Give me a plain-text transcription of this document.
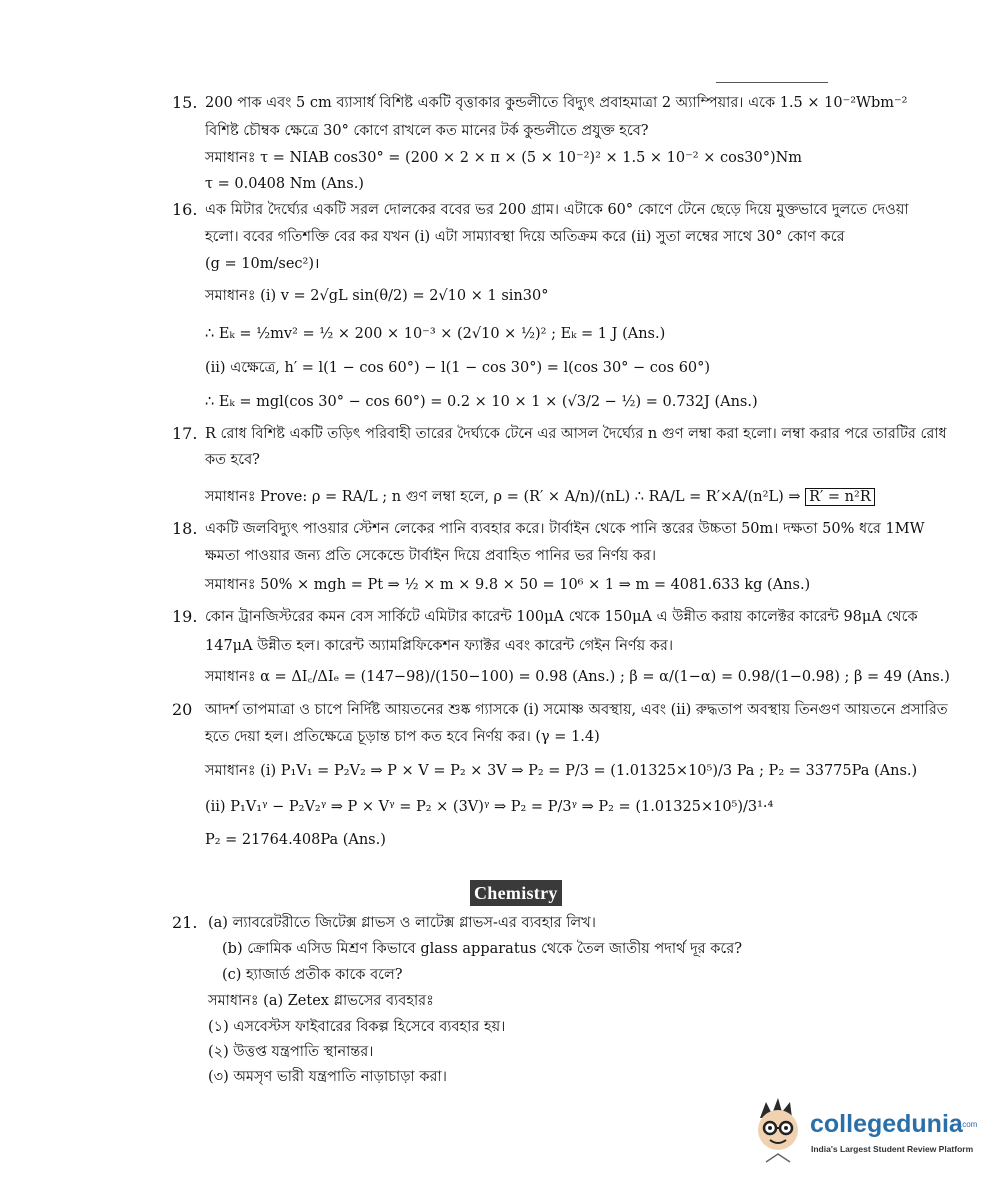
15. 200 পাক এবং 5 cm ব্যাসার্ধ বিশিষ্ট একটি বৃত্তাকার কুন্ডলীতে বিদ্যুৎ প্রবাহমাত্রা 2 অ্যাম্পিয়ার। একে 1.5 × 10⁻²Wbm⁻²
বিশিষ্ট চৌম্বক ক্ষেত্রে 30° কোণে রাখলে কত মানের টর্ক কুন্ডলীতে প্রযুক্ত হবে?
সমাধানঃ τ = NIAB cos30° = (200 × 2 × π × (5 × 10⁻²)² × 1.5 × 10⁻² × cos30°)Nm
τ = 0.0408 Nm (Ans.)
16. এক মিটার দৈর্ঘ্যের একটি সরল দোলকের ববের ভর 200 গ্রাম। এটাকে 60° কোণে টেনে ছেড়ে দিয়ে মুক্তভাবে দুলতে দেওয়া
হলো। ববের গতিশক্তি বের কর যখন (i) এটা সাম্যাবস্থা দিয়ে অতিক্রম করে (ii) সুতা লম্বের সাথে 30° কোণ করে
(g = 10m/sec²)।
সমাধানঃ (i) v = 2√gL sin(θ/2) = 2√10 × 1 sin30°
∴ Eₖ = ½mv² = ½ × 200 × 10⁻³ × (2√10 × ½)² ; Eₖ = 1 J (Ans.)
(ii) এক্ষেত্রে, h′ = l(1 − cos 60°) − l(1 − cos 30°) = l(cos 30° − cos 60°)
∴ Eₖ = mgl(cos 30° − cos 60°) = 0.2 × 10 × 1 × (√3/2 − ½) = 0.732J (Ans.)
17. R রোধ বিশিষ্ট একটি তড়িৎ পরিবাহী তারের দৈর্ঘ্যকে টেনে এর আসল দৈর্ঘ্যের n গুণ লম্বা করা হলো। লম্বা করার পরে তারটির রোধ
কত হবে?
সমাধানঃ Prove: ρ = RA/L ; n গুণ লম্বা হলে, ρ = (R′ × A/n)/(nL) ∴ RA/L = R′×A/(n²L) ⇒ R′ = n²R
18. একটি জলবিদ্যুৎ পাওয়ার স্টেশন লেকের পানি ব্যবহার করে। টার্বাইন থেকে পানি স্তরের উচ্চতা 50m। দক্ষতা 50% ধরে 1MW
ক্ষমতা পাওয়ার জন্য প্রতি সেকেন্ডে টার্বাইন দিয়ে প্রবাহিত পানির ভর নির্ণয় কর।
সমাধানঃ 50% × mgh = Pt ⇒ ½ × m × 9.8 × 50 = 10⁶ × 1 ⇒ m = 4081.633 kg (Ans.)
19. কোন ট্রানজিস্টরের কমন বেস সার্কিটে এমিটার কারেন্ট 100μA থেকে 150μA এ উন্নীত করায় কালেক্টর কারেন্ট 98μA থেকে
147μA উন্নীত হল। কারেন্ট অ্যামপ্লিফিকেশন ফ্যাক্টর এবং কারেন্ট গেইন নির্ণয় কর।
সমাধানঃ α = ΔI꜀/ΔIₑ = (147−98)/(150−100) = 0.98 (Ans.) ; β = α/(1−α) = 0.98/(1−0.98) ; β = 49 (Ans.)
20 আদর্শ তাপমাত্রা ও চাপে নির্দিষ্ট আয়তনের শুষ্ক গ্যাসকে (i) সমোষ্ণ অবস্থায়, এবং (ii) রুদ্ধতাপ অবস্থায় তিনগুণ আয়তনে প্রসারিত
হতে দেয়া হল। প্রতিক্ষেত্রে চূড়ান্ত চাপ কত হবে নির্ণয় কর। (γ = 1.4)
সমাধানঃ (i) P₁V₁ = P₂V₂ ⇒ P × V = P₂ × 3V ⇒ P₂ = P/3 = (1.01325×10⁵)/3 Pa ; P₂ = 33775Pa (Ans.)
(ii) P₁V₁ᵞ − P₂V₂ᵞ ⇒ P × Vᵞ = P₂ × (3V)ᵞ ⇒ P₂ = P/3ᵞ ⇒ P₂ = (1.01325×10⁵)/3¹·⁴
P₂ = 21764.408Pa (Ans.)
Chemistry
21. (a) ল্যাবরেটরীতে জিটেক্স গ্লাভস ও লাটেক্স গ্লাভস-এর ব্যবহার লিখ।
(b) ক্রোমিক এসিড মিশ্রণ কিভাবে glass apparatus থেকে তৈল জাতীয় পদার্থ দূর করে?
(c) হ্যাজার্ড প্রতীক কাকে বলে?
সমাধানঃ (a) Zetex গ্লাভসের ব্যবহারঃ
(১) এসবেস্টস ফাইবারের বিকল্প হিসেবে ব্যবহার হয়।
(২) উত্তপ্ত যন্ত্রপাতি স্থানান্তর।
(৩) অমসৃণ ভারী যন্ত্রপাতি নাড়াচাড়া করা।
collegedunia
.com
India's Largest Student Review Platform
